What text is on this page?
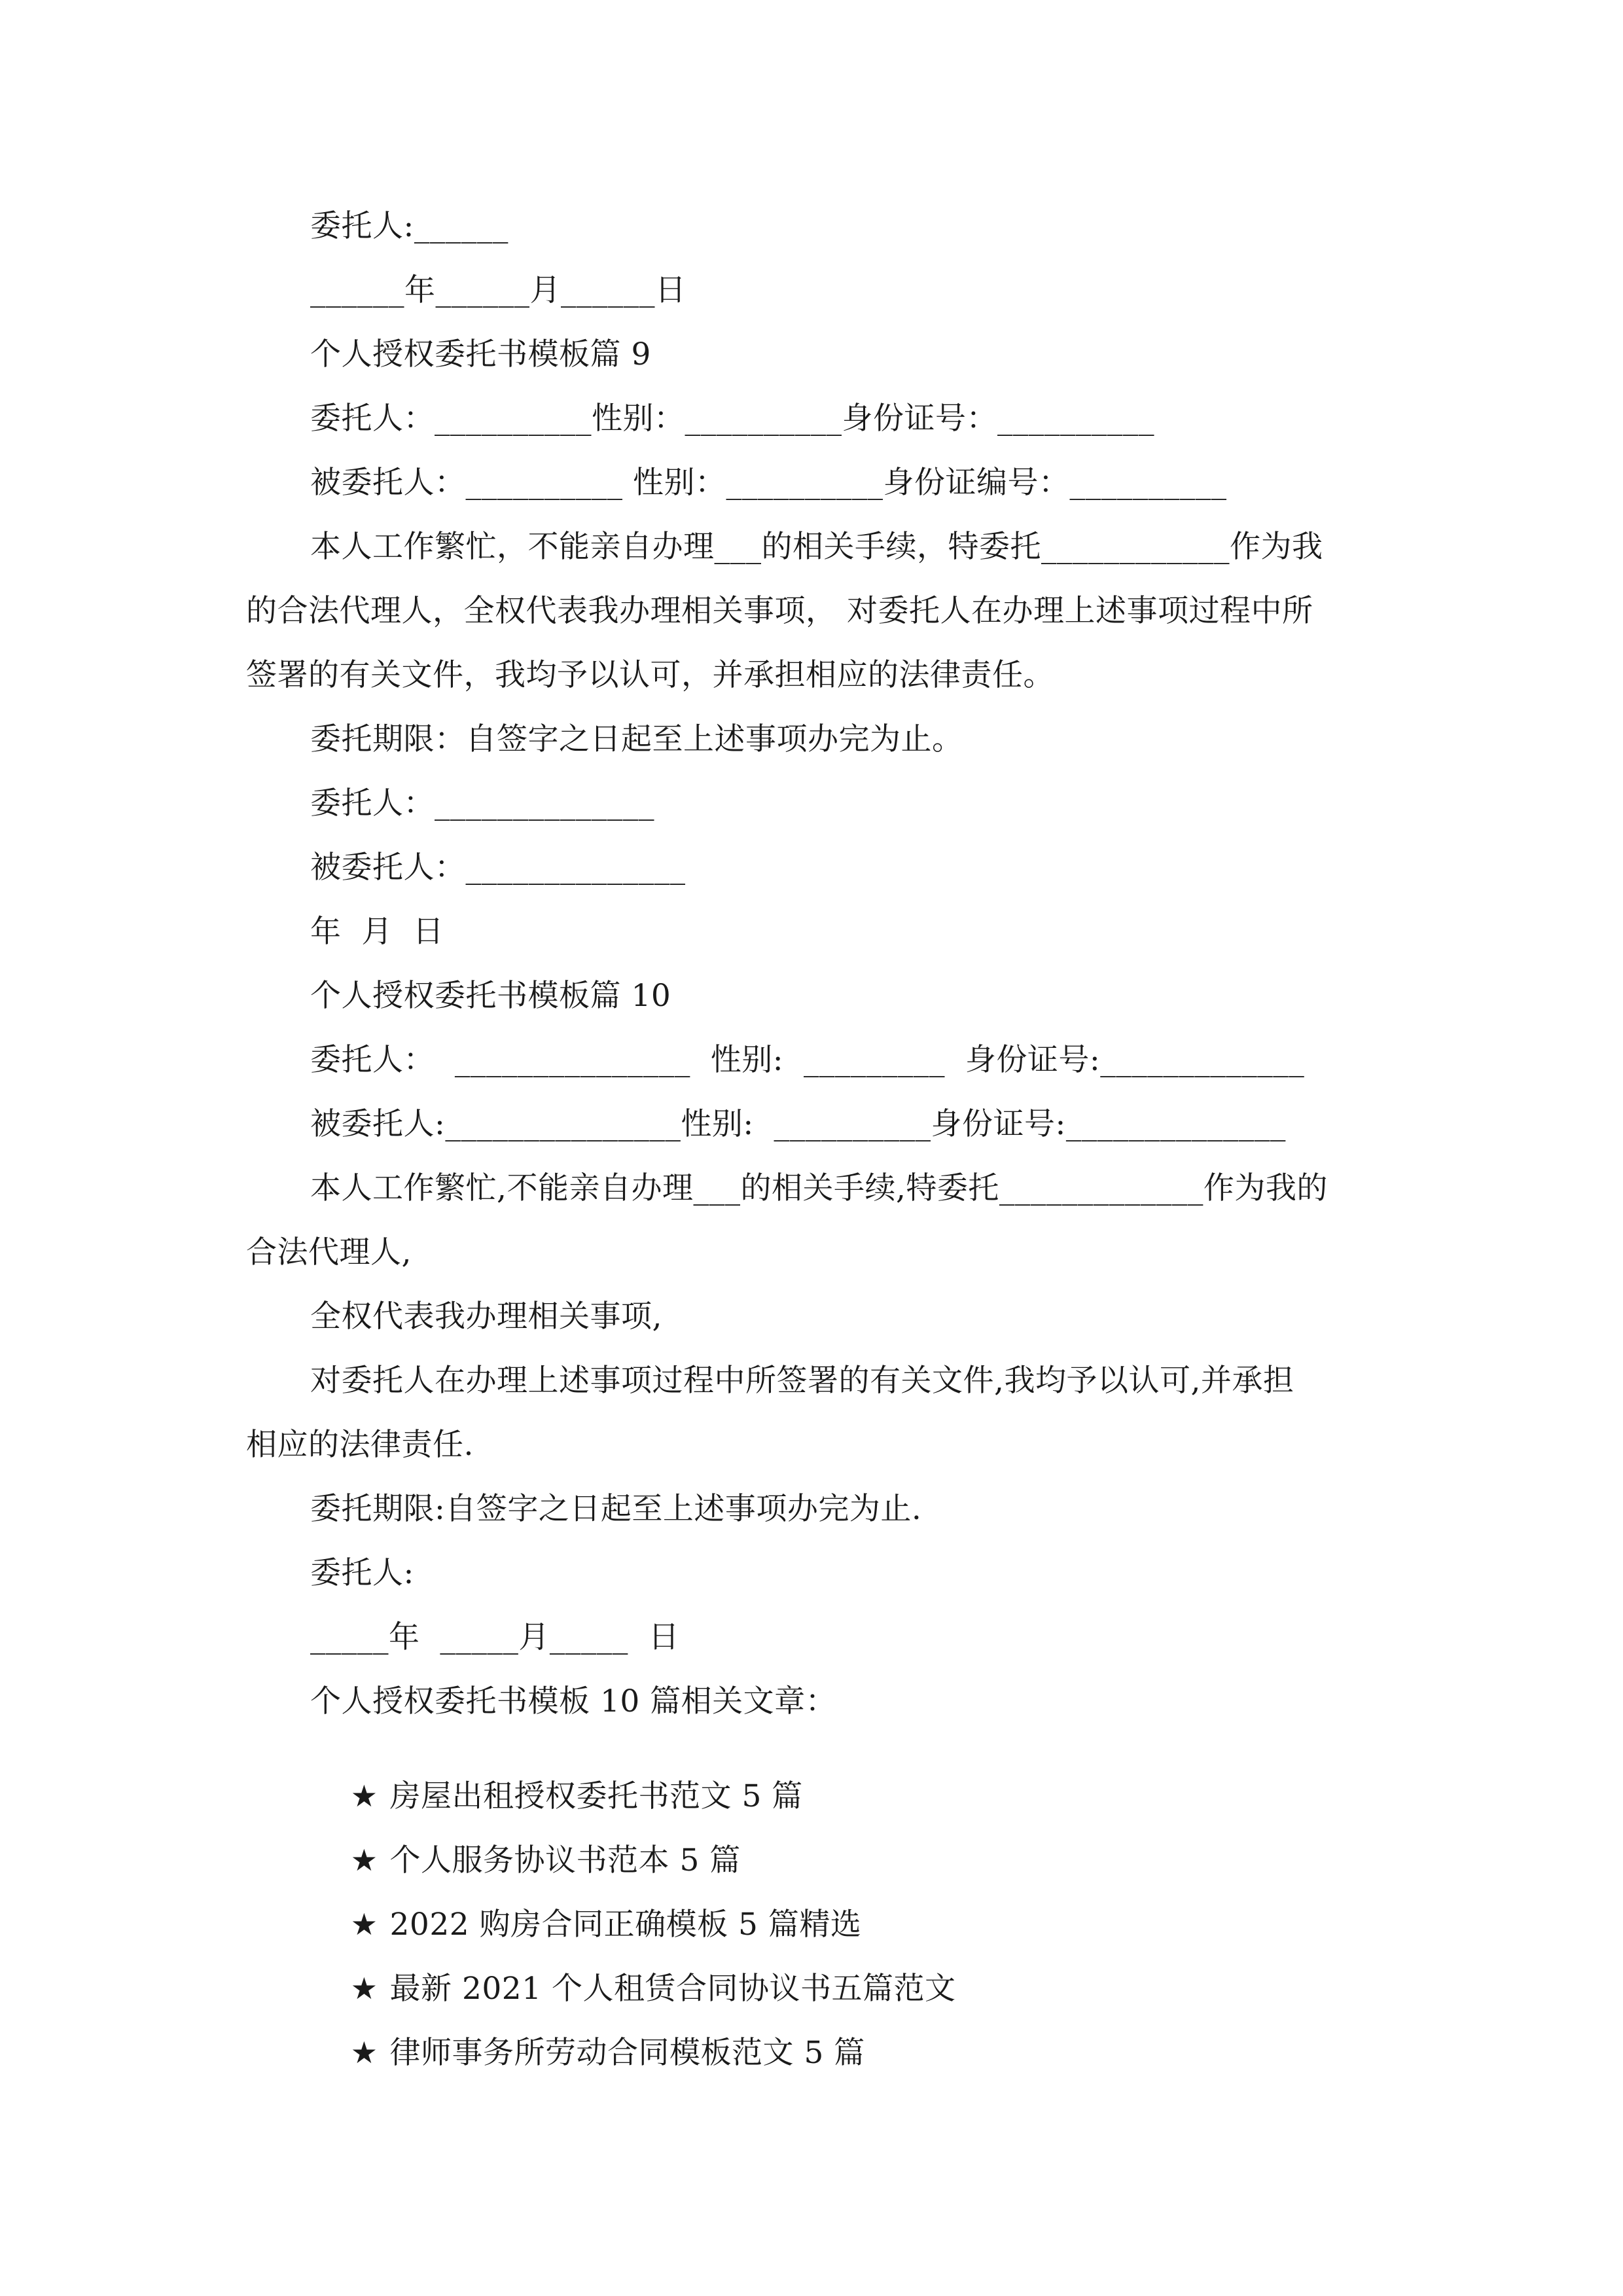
委托人:______
______年______月______日
个人授权委托书模板篇 9
委托人：__________性别：__________身份证号：__________
被委托人：__________ 性别：__________身份证编号：__________
本人工作繁忙，不能亲自办理___的相关手续，特委托____________作为我
的合法代理人，全权代表我办理相关事项， 对委托人在办理上述事项过程中所
签署的有关文件，我均予以认可，并承担相应的法律责任。
委托期限：自签字之日起至上述事项办完为止。
委托人：______________
被委托人：______________
年  月  日
个人授权委托书模板篇 10
委托人：  _______________  性别:  _________  身份证号:_____________
被委托人:_______________性别:  __________身份证号:______________
本人工作繁忙,不能亲自办理___的相关手续,特委托_____________作为我的
合法代理人,
全权代表我办理相关事项,
对委托人在办理上述事项过程中所签署的有关文件,我均予以认可,并承担
相应的法律责任.
委托期限:自签字之日起至上述事项办完为止.
委托人:
_____年  _____月_____  日
个人授权委托书模板 10 篇相关文章：

★ 房屋出租授权委托书范文 5 篇

★ 个人服务协议书范本 5 篇

★ 2022 购房合同正确模板 5 篇精选

★ 最新 2021 个人租赁合同协议书五篇范文

★ 律师事务所劳动合同模板范文 5 篇
